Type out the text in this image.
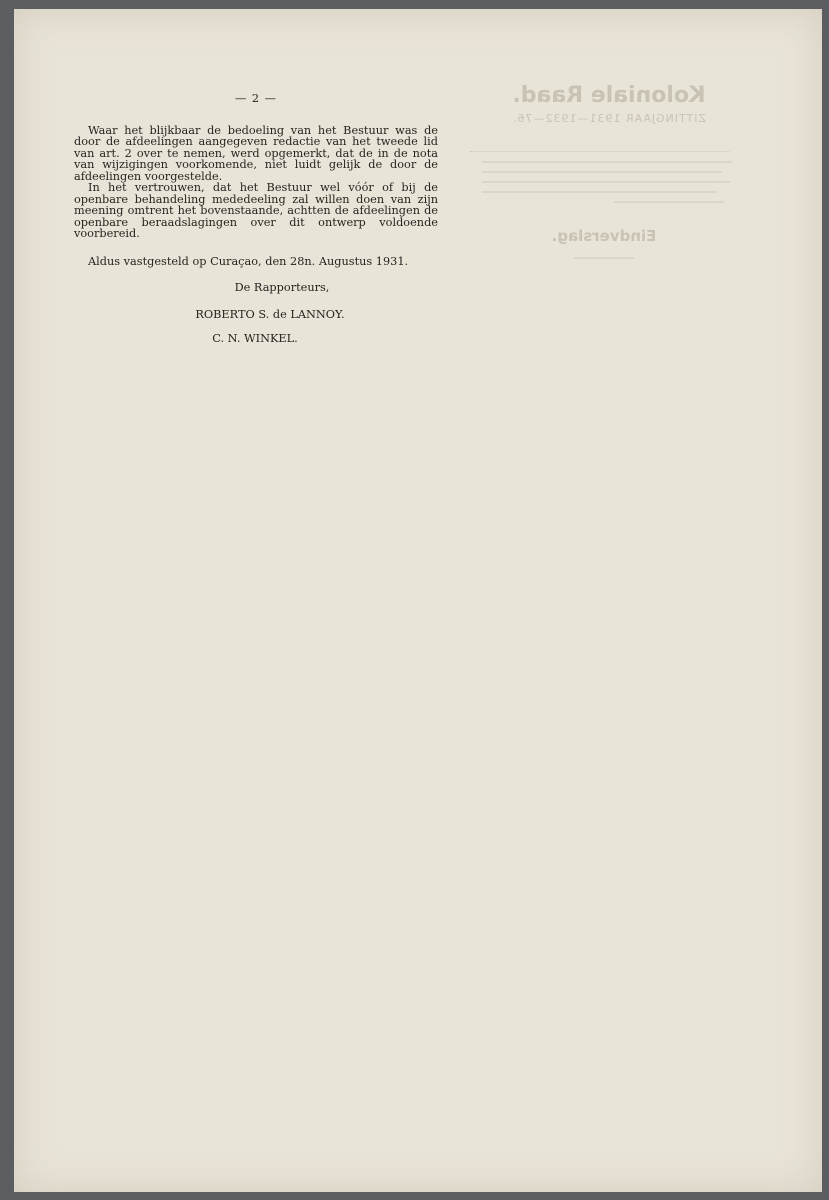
Koloniale Raad.
ZITTINGJAAR 1931—1932—76.
Eindverslag.

— 2 —

Waar het blijkbaar de bedoeling van het Bestuur was de door de afdeelingen aangegeven redactie van het tweede lid van art. 2 over te nemen, werd opgemerkt, dat de in de nota van wijzigingen voorkomende, niet luidt gelijk de door de afdeelingen voorgestelde.

In het vertrouwen, dat het Bestuur wel vóór of bij de openbare behandeling mededeeling zal willen doen van zijn meening omtrent het bovenstaande, achtten de afdeelingen de openbare beraadslagingen over dit ontwerp voldoende voorbereid.

Aldus vastgesteld op Curaçao, den 28n. Augustus 1931.

De Rapporteurs,

ROBERTO S. de LANNOY.

C. N. WINKEL.
